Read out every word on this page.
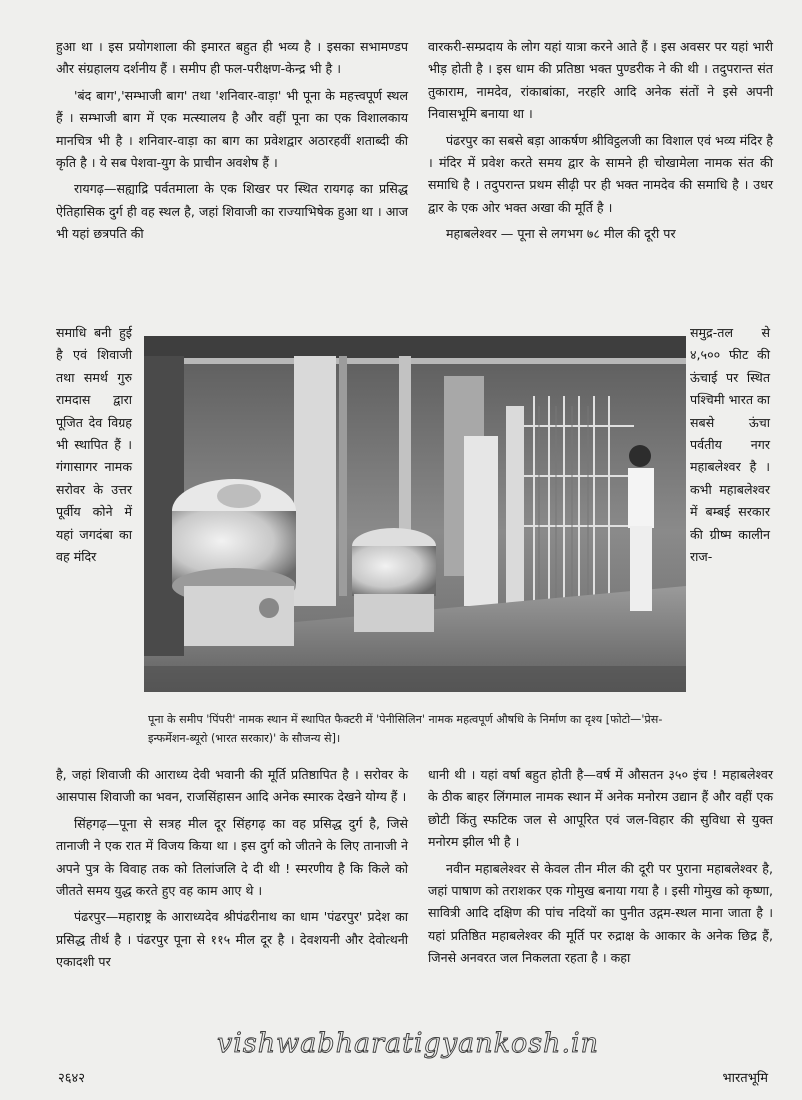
हुआ था । इस प्रयोगशाला की इमारत बहुत ही भव्य है । इसका सभामण्डप और संग्रहालय दर्शनीय हैं । समीप ही फल-परीक्षण-केन्द्र भी है ।

'बंद बाग','सम्भाजी बाग' तथा 'शनिवार-वाड़ा' भी पूना के महत्त्वपूर्ण स्थल हैं । सम्भाजी बाग में एक मत्स्यालय है और वहीं पूना का एक विशालकाय मानचित्र भी है । शनिवार-वाड़ा का बाग का प्रवेशद्वार अठारहवीं शताब्दी की कृति है । ये सब पेशवा-युग के प्राचीन अवशेष हैं ।

रायगढ़—सह्याद्रि पर्वतमाला के एक शिखर पर स्थित रायगढ़ का प्रसिद्ध ऐतिहासिक दुर्ग ही वह स्थल है, जहां शिवाजी का राज्याभिषेक हुआ था । आज भी यहां छत्रपति की

समाधि बनी हुई है एवं शिवाजी तथा समर्थ गुरु रामदास द्वारा पूजित देव विग्रह भी स्थापित हैं । गंगासागर नामक सरोवर के उत्तर पूर्वीय कोने में यहां जगदंबा का वह मंदिर

समुद्र-तल से ४,५०० फीट की ऊंचाई पर स्थित पश्चिमी भारत का सबसे ऊंचा पर्वतीय नगर महाबलेश्वर है । कभी महाबलेश्वर में बम्बई सरकार की ग्रीष्म कालीन राज-

पूना के समीप 'पिंपरी' नामक स्थान में स्थापित फैक्टरी में 'पेनीसिलिन' नामक महत्वपूर्ण औषधि के निर्माण का दृश्य [फोटो—'प्रेस-इन्फर्मेशन-ब्यूरो (भारत सरकार)' के सौजन्य से]।

वारकरी-सम्प्रदाय के लोग यहां यात्रा करने आते हैं । इस अवसर पर यहां भारी भीड़ होती है । इस धाम की प्रतिष्ठा भक्त पुण्डरीक ने की थी । तदुपरान्त संत तुकाराम, नामदेव, रांकाबांका, नरहरि आदि अनेक संतों ने इसे अपनी निवासभूमि बनाया था ।

पंढरपुर का सबसे बड़ा आकर्षण श्रीविट्ठलजी का विशाल एवं भव्य मंदिर है । मंदिर में प्रवेश करते समय द्वार के सामने ही चोखामेला नामक संत की समाधि है । तदुपरान्त प्रथम सीढ़ी पर ही भक्त नामदेव की समाधि है । उधर द्वार के एक ओर भक्त अखा की मूर्ति है ।

महाबलेश्वर — पूना से लगभग ७८ मील की दूरी पर

है, जहां शिवाजी की आराध्य देवी भवानी की मूर्ति प्रतिष्ठापित है । सरोवर के आसपास शिवाजी का भवन, राजसिंहासन आदि अनेक स्मारक देखने योग्य हैं ।

सिंहगढ़—पूना से सत्रह मील दूर सिंहगढ़ का वह प्रसिद्ध दुर्ग है, जिसे तानाजी ने एक रात में विजय किया था । इस दुर्ग को जीतने के लिए तानाजी ने अपने पुत्र के विवाह तक को तिलांजलि दे दी थी ! स्मरणीय है कि किले को जीतते समय युद्ध करते हुए वह काम आए थे ।

पंढरपुर—महाराष्ट्र के आराध्यदेव श्रीपंढरीनाथ का धाम 'पंढरपुर' प्रदेश का प्रसिद्ध तीर्थ है । पंढरपुर पूना से ११५ मील दूर है । देवशयनी और देवोत्थनी एकादशी पर

धानी थी । यहां वर्षा बहुत होती है—वर्ष में औसतन ३५० इंच ! महाबलेश्वर के ठीक बाहर लिंगमाल नामक स्थान में अनेक मनोरम उद्यान हैं और वहीं एक छोटी किंतु स्फटिक जल से आपूरित एवं जल-विहार की सुविधा से युक्त मनोरम झील भी है ।

नवीन महाबलेश्वर से केवल तीन मील की दूरी पर पुराना महाबलेश्वर है, जहां पाषाण को तराशकर एक गोमुख बनाया गया है । इसी गोमुख को कृष्णा, सावित्री आदि दक्षिण की पांच नदियों का पुनीत उद्गम-स्थल माना जाता है । यहां प्रतिष्ठित महाबलेश्वर की मूर्ति पर रुद्राक्ष के आकार के अनेक छिद्र हैं, जिनसे अनवरत जल निकलता रहता है । कहा

vishwabharatigyankosh.in
२६४२	भारतभूमि
